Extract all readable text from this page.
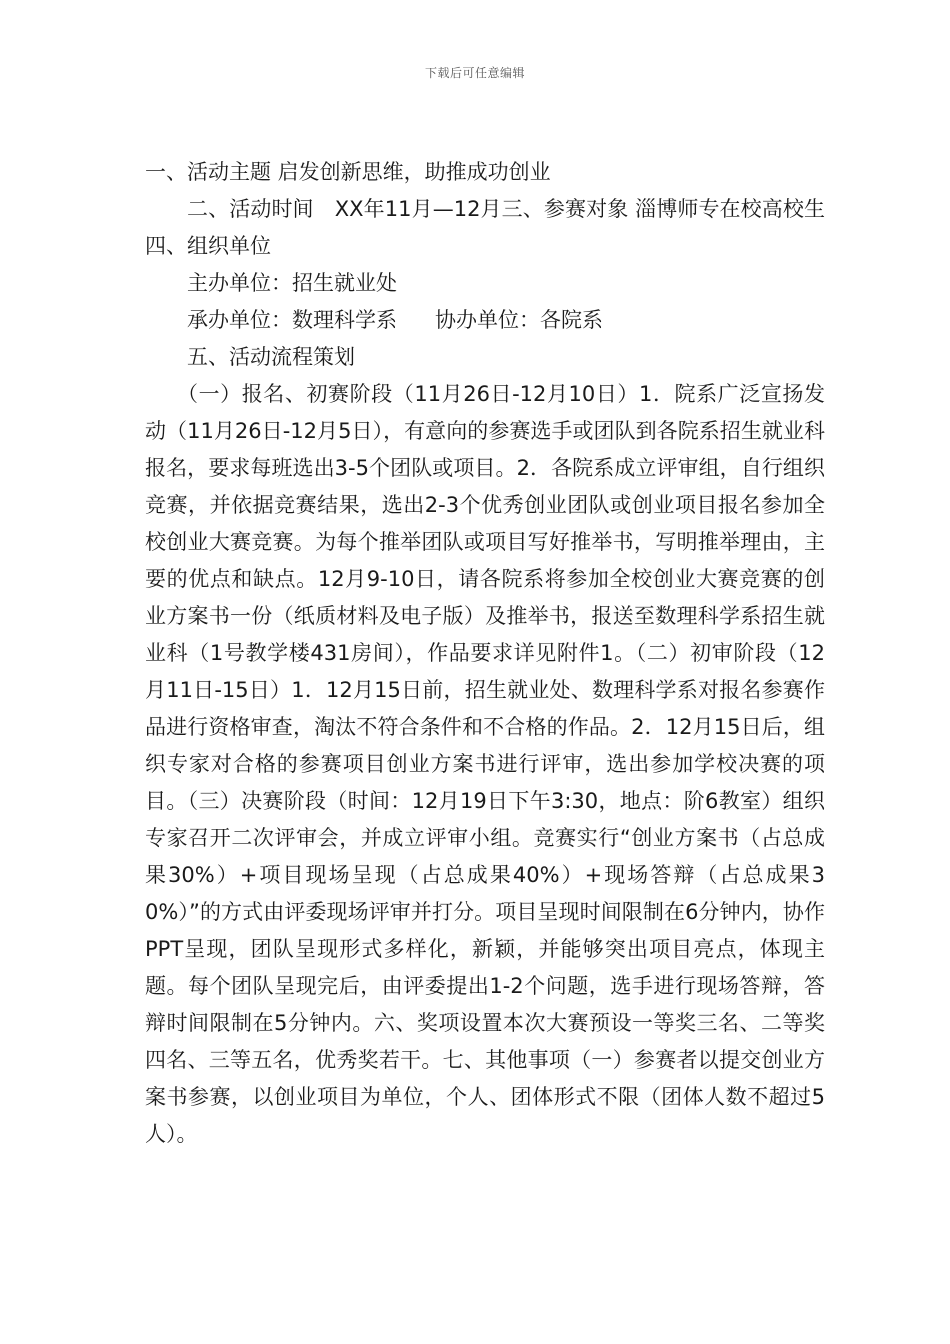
下载后可任意编辑

一、活动主题 启发创新思维，助推成功创业

二、活动时间　XX年11月—12月三、参赛对象 淄博师专在校高校生四、组织单位

主办单位：招生就业处

承办单位：数理科学系 协办单位：各院系

五、活动流程策划

（一）报名、初赛阶段（11月26日-12月10日）1．院系广泛宣扬发动（11月26日-12月5日），有意向的参赛选手或团队到各院系招生就业科报名，要求每班选出3-5个团队或项目。2．各院系成立评审组，自行组织竞赛，并依据竞赛结果，选出2-3个优秀创业团队或创业项目报名参加全校创业大赛竞赛。为每个推举团队或项目写好推举书，写明推举理由，主要的优点和缺点。12月9-10日，请各院系将参加全校创业大赛竞赛的创业方案书一份（纸质材料及电子版）及推举书，报送至数理科学系招生就业科（1号教学楼431房间），作品要求详见附件1。（二）初审阶段（12月11日-15日）1．12月15日前，招生就业处、数理科学系对报名参赛作品进行资格审查，淘汰不符合条件和不合格的作品。2．12月15日后，组织专家对合格的参赛项目创业方案书进行评审，选出参加学校决赛的项目。（三）决赛阶段（时间：12月19日下午3:30，地点：阶6教室）组织专家召开二次评审会，并成立评审小组。竞赛实行“创业方案书（占总成果30%）+项目现场呈现（占总成果40%）+现场答辩（占总成果30%）”的方式由评委现场评审并打分。项目呈现时间限制在6分钟内，协作PPT呈现，团队呈现形式多样化，新颖，并能够突出项目亮点，体现主题。每个团队呈现完后，由评委提出1-2个问题，选手进行现场答辩，答辩时间限制在5分钟内。六、奖项设置本次大赛预设一等奖三名、二等奖四名、三等五名，优秀奖若干。七、其他事项（一）参赛者以提交创业方案书参赛，以创业项目为单位，个人、团体形式不限（团体人数不超过5人）。
